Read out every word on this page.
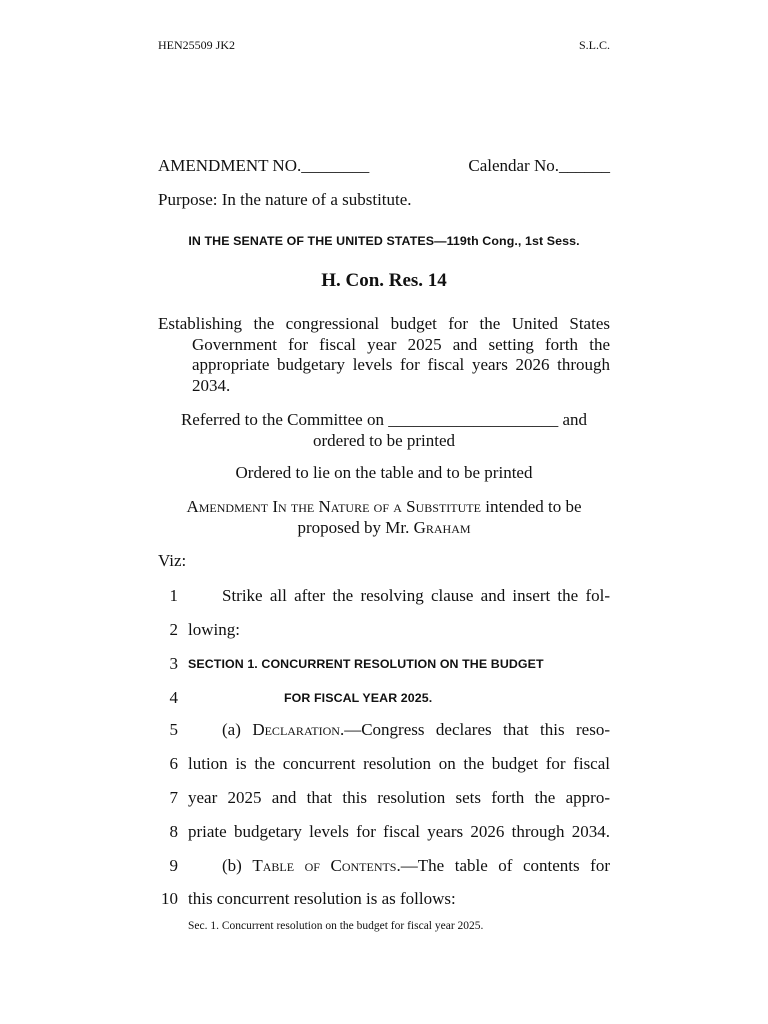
HEN25509 JK2	S.L.C.
AMENDMENT NO.________	Calendar No.______
Purpose: In the nature of a substitute.
IN THE SENATE OF THE UNITED STATES—119th Cong., 1st Sess.
H. Con. Res. 14
Establishing the congressional budget for the United States Government for fiscal year 2025 and setting forth the appropriate budgetary levels for fiscal years 2026 through 2034.
Referred to the Committee on ____________________ and ordered to be printed
Ordered to lie on the table and to be printed
Amendment In the Nature of a Substitute intended to be proposed by Mr. Graham
Viz:
1	Strike all after the resolving clause and insert the fol-
2 lowing:
3 SECTION 1. CONCURRENT RESOLUTION ON THE BUDGET
4	FOR FISCAL YEAR 2025.
5	(a) Declaration.—Congress declares that this reso-
6 lution is the concurrent resolution on the budget for fiscal
7 year 2025 and that this resolution sets forth the appro-
8 priate budgetary levels for fiscal years 2026 through 2034.
9	(b) Table of Contents.—The table of contents for
10 this concurrent resolution is as follows:
Sec. 1. Concurrent resolution on the budget for fiscal year 2025.
